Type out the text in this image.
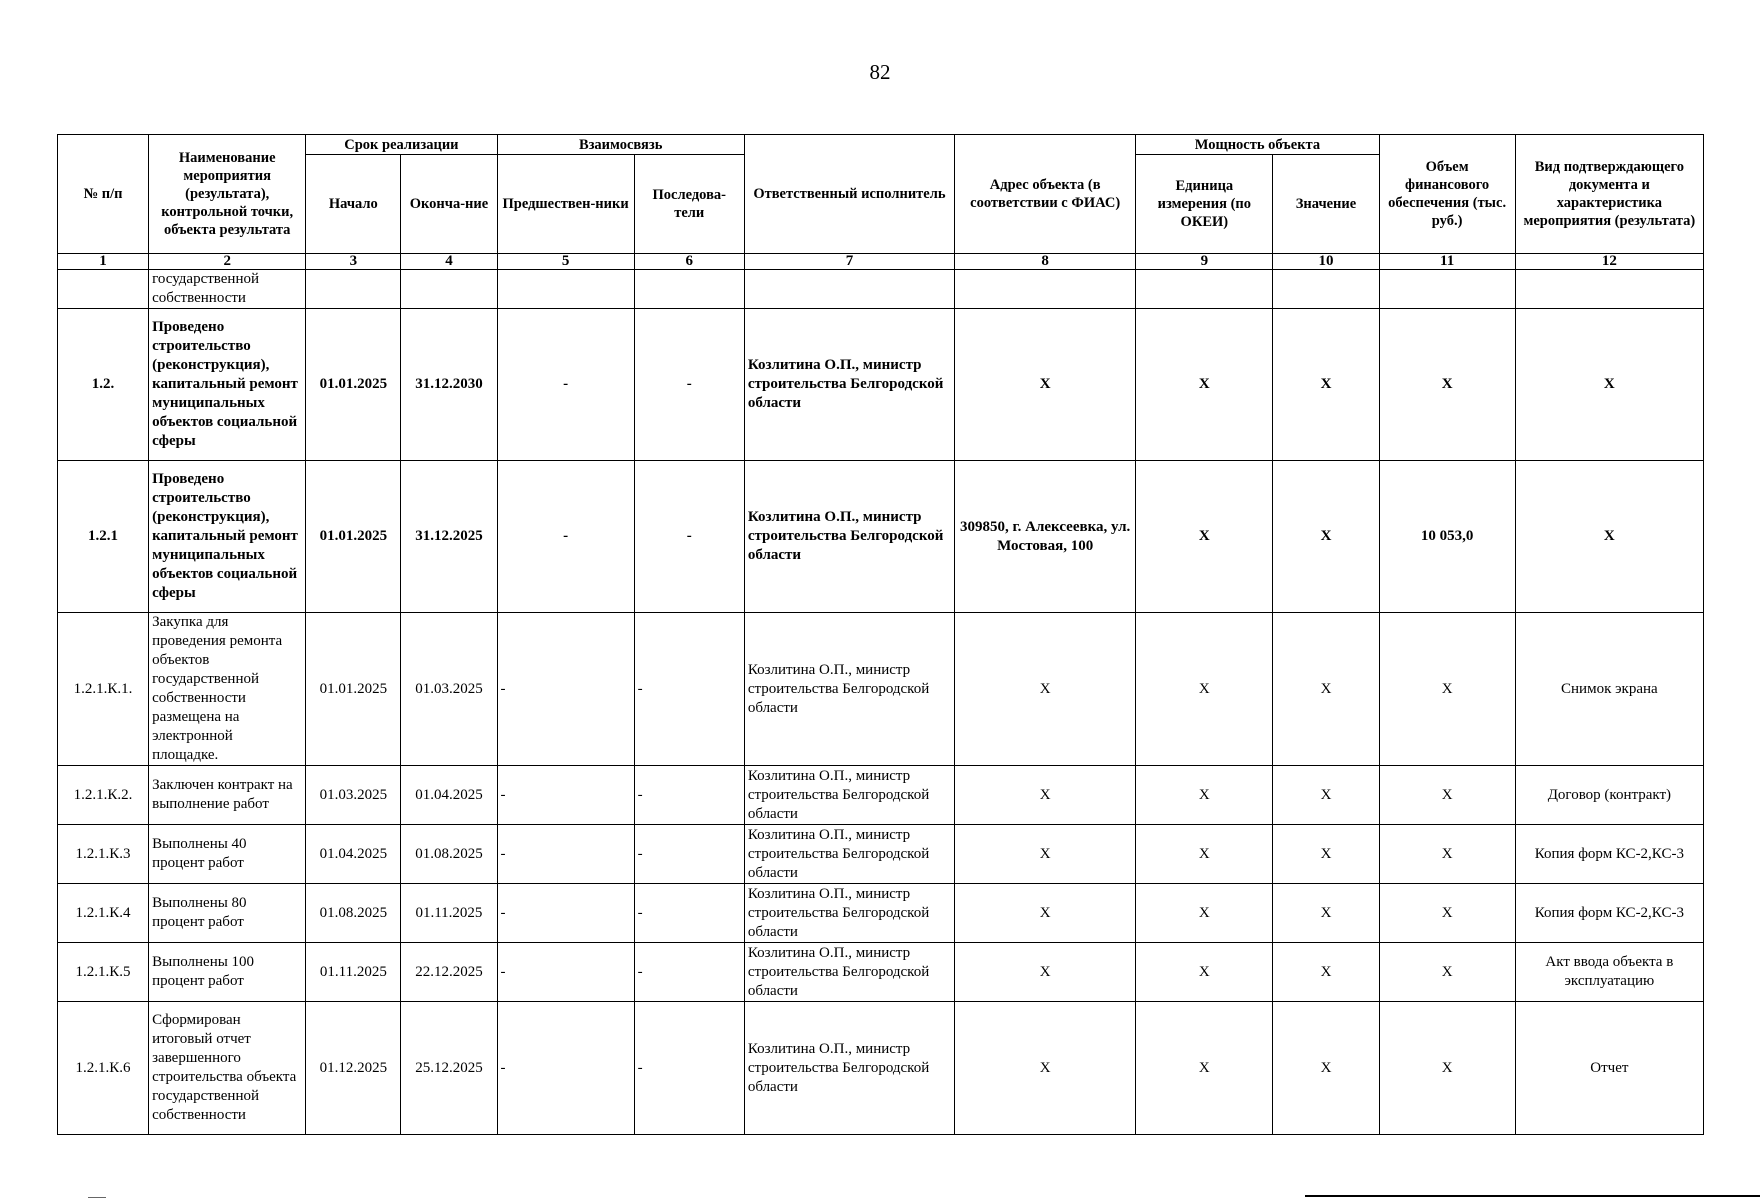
82
№ п/п	Наименование мероприятия (результата), контрольной точки, объекта результата	Срок реализации		Взаимосвязь		Ответственный исполнитель	Адрес объекта (в соответствии с ФИАС)	Мощность объекта		Объем финансового обеспечения (тыс. руб.)	Вид подтверждающего документа и характеристика мероприятия (результата)
		Начало	Оконча-ние	Предшествен-ники	Последова-тели			Единица измерения (по ОКЕИ)	Значение		
1	2	3	4	5	6	7	8	9	10	11	12
	государственной собственности										
1.2.	Проведено строительство (реконструкция), капитальный ремонт муниципальных объектов социальной сферы	01.01.2025	31.12.2030	-	-	Козлитина О.П., министр строительства Белгородской области	X	X	X	X	X
1.2.1	Проведено строительство (реконструкция), капитальный ремонт муниципальных объектов социальной сферы	01.01.2025	31.12.2025	-	-	Козлитина О.П., министр строительства Белгородской области	309850, г. Алексеевка, ул. Мостовая, 100	X	X	10 053,0	X
1.2.1.К.1.	Закупка для проведения ремонта объектов государственной собственности размещена на электронной площадке.	01.01.2025	01.03.2025	-	-	Козлитина О.П., министр строительства Белгородской области	X	X	X	X	Снимок экрана
1.2.1.К.2.	Заключен контракт на выполнение работ	01.03.2025	01.04.2025	-	-	Козлитина О.П., министр строительства Белгородской области	X	X	X	X	Договор (контракт)
1.2.1.К.3	Выполнены 40 процент работ	01.04.2025	01.08.2025	-	-	Козлитина О.П., министр строительства Белгородской области	X	X	X	X	Копия форм КС-2,КС-3
1.2.1.К.4	Выполнены 80 процент работ	01.08.2025	01.11.2025	-	-	Козлитина О.П., министр строительства Белгородской области	X	X	X	X	Копия форм КС-2,КС-3
1.2.1.К.5	Выполнены 100 процент работ	01.11.2025	22.12.2025	-	-	Козлитина О.П., министр строительства Белгородской области	X	X	X	X	Акт ввода объекта в эксплуатацию
1.2.1.К.6	Сформирован итоговый отчет завершенного строительства объекта государственной собственности	01.12.2025	25.12.2025	-	-	Козлитина О.П., министр строительства Белгородской области	X	X	X	X	Отчет
